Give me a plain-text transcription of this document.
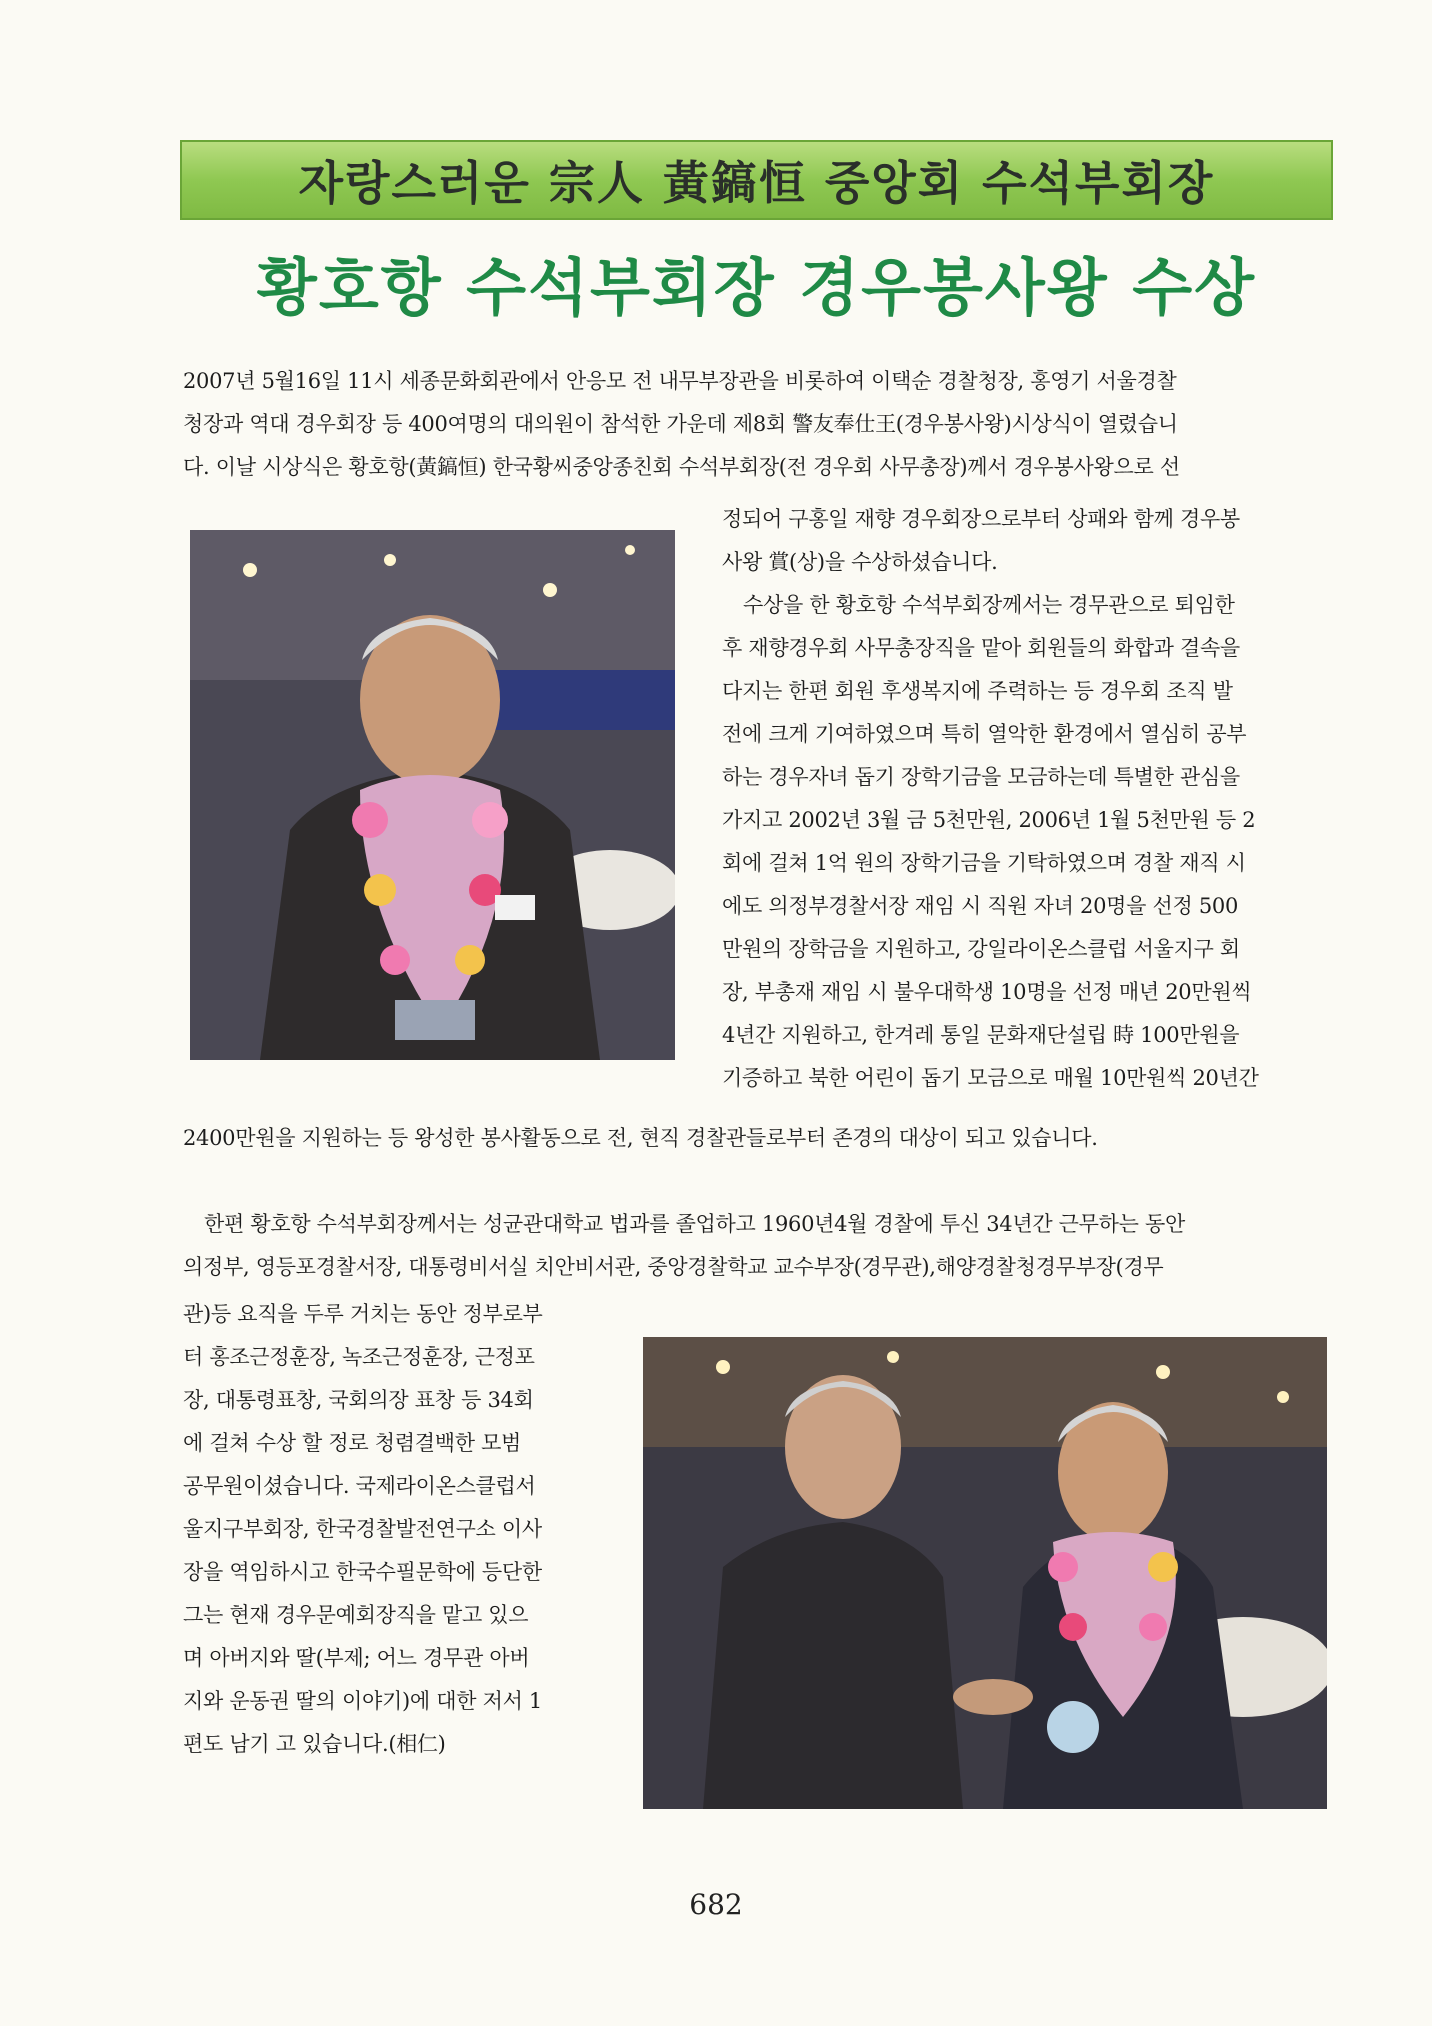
자랑스러운 宗人 黃鎬恒 중앙회 수석부회장
황호항 수석부회장 경우봉사왕 수상

2007년 5월16일 11시 세종문화회관에서 안응모 전 내무부장관을 비롯하여 이택순 경찰청장, 홍영기 서울경찰
청장과 역대 경우회장 등 400여명의 대의원이 참석한 가운데 제8회 警友奉仕王(경우봉사왕)시상식이 열렸습니
다. 이날 시상식은 황호항(黃鎬恒) 한국황씨중앙종친회 수석부회장(전 경우회 사무총장)께서 경우봉사왕으로 선

정되어 구홍일 재향 경우회장으로부터 상패와 함께 경우봉
사왕 賞(상)을 수상하셨습니다.

수상을 한 황호항 수석부회장께서는 경무관으로 퇴임한
후 재향경우회 사무총장직을 맡아 회원들의 화합과 결속을
다지는 한편 회원 후생복지에 주력하는 등 경우회 조직 발
전에 크게 기여하였으며 특히 열악한 환경에서 열심히 공부
하는 경우자녀 돕기 장학기금을 모금하는데 특별한 관심을
가지고 2002년 3월 금 5천만원, 2006년 1월 5천만원 등 2
회에 걸쳐 1억 원의 장학기금을 기탁하였으며 경찰 재직 시
에도 의정부경찰서장 재임 시 직원 자녀 20명을 선정 500
만원의 장학금을 지원하고, 강일라이온스클럽 서울지구 회
장, 부총재 재임 시 불우대학생 10명을 선정 매년 20만원씩
4년간 지원하고, 한겨레 통일 문화재단설립 時 100만원을
기증하고 북한 어린이 돕기 모금으로 매월 10만원씩 20년간

2400만원을 지원하는 등 왕성한 봉사활동으로 전, 현직 경찰관들로부터 존경의 대상이 되고 있습니다.

한편 황호항 수석부회장께서는 성균관대학교 법과를 졸업하고 1960년4월 경찰에 투신 34년간 근무하는 동안
의정부, 영등포경찰서장, 대통령비서실 치안비서관, 중앙경찰학교 교수부장(경무관),해양경찰청경무부장(경무

관)등 요직을 두루 거치는 동안 정부로부
터 홍조근정훈장, 녹조근정훈장, 근정포
장, 대통령표창, 국회의장 표창 등 34회
에 걸쳐 수상 할 정로 청렴결백한 모범
공무원이셨습니다. 국제라이온스클럽서
울지구부회장, 한국경찰발전연구소 이사
장을 역임하시고 한국수필문학에 등단한
그는 현재 경우문예회장직을 맡고 있으
며 아버지와 딸(부제; 어느 경무관 아버
지와 운동권 딸의 이야기)에 대한 저서 1
편도 남기 고 있습니다.(相仁)

682
